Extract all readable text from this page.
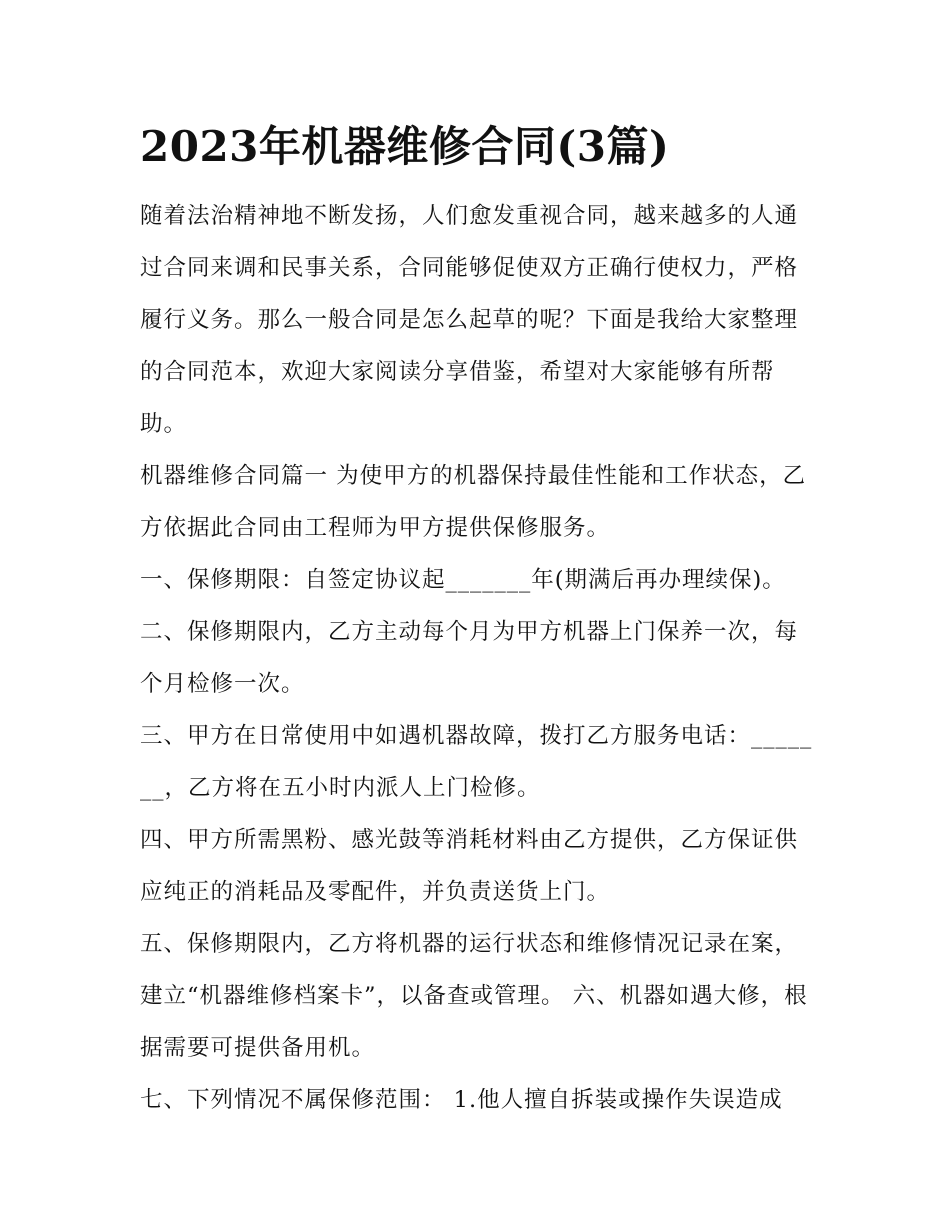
2023年机器维修合同(3篇)

随着法治精神地不断发扬，人们愈发重视合同，越来越多的人通过合同来调和民事关系，合同能够促使双方正确行使权力，严格履行义务。那么一般合同是怎么起草的呢？下面是我给大家整理的合同范本，欢迎大家阅读分享借鉴，希望对大家能够有所帮助。

机器维修合同篇一 为使甲方的机器保持最佳性能和工作状态，乙方依据此合同由工程师为甲方提供保修服务。

一、保修期限：自签定协议起_______年(期满后再办理续保)。 二、保修期限内，乙方主动每个月为甲方机器上门保养一次，每个月检修一次。

三、甲方在日常使用中如遇机器故障，拨打乙方服务电话：_______，乙方将在五小时内派人上门检修。

四、甲方所需黑粉、感光鼓等消耗材料由乙方提供，乙方保证供应纯正的消耗品及零配件，并负责送货上门。

五、保修期限内，乙方将机器的运行状态和维修情况记录在案，建立“机器维修档案卡”，以备查或管理。 六、机器如遇大修，根据需要可提供备用机。

七、下列情况不属保修范围： 1.他人擅自拆装或操作失误造成
